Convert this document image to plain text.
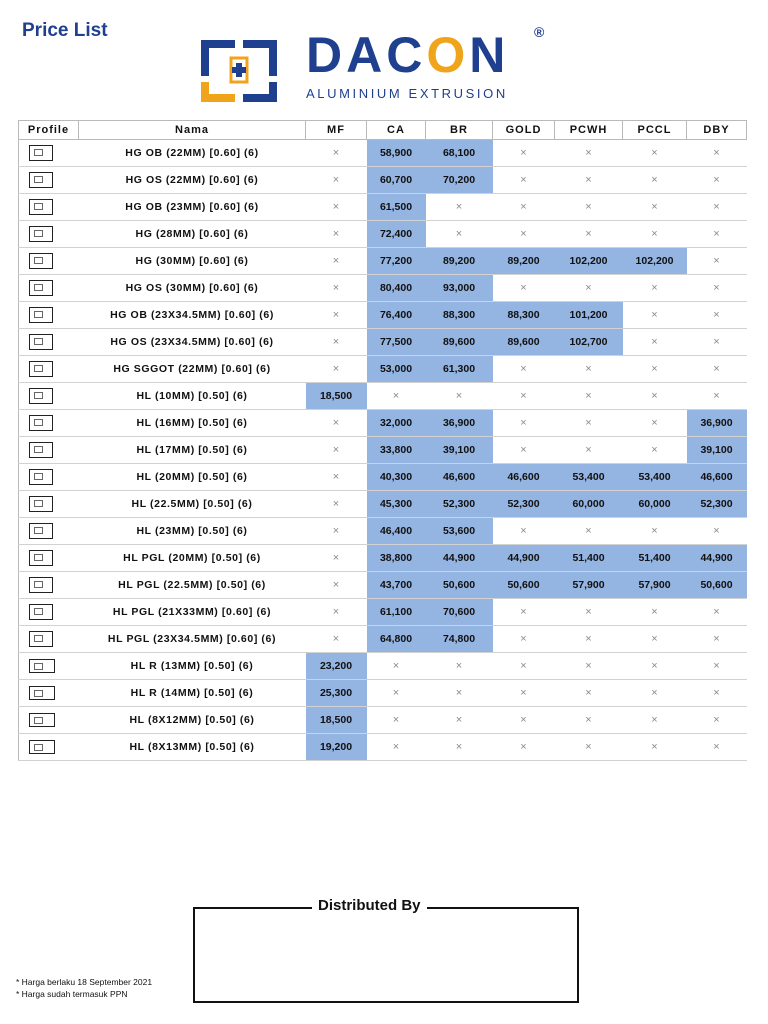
Price List	DACON ®
ALUMINIUM EXTRUSION
Profile	Nama	MF	CA	BR	GOLD	PCWH	PCCL	DBY
	HG OB (22MM) [0.60] (6)	×	58,900	68,100	×	×	×	×
	HG OS (22MM) [0.60] (6)	×	60,700	70,200	×	×	×	×
	HG OB (23MM) [0.60] (6)	×	61,500	×	×	×	×	×
	HG (28MM) [0.60] (6)	×	72,400	×	×	×	×	×
	HG (30MM) [0.60] (6)	×	77,200	89,200	89,200	102,200	102,200	×
	HG OS (30MM) [0.60] (6)	×	80,400	93,000	×	×	×	×
	HG OB (23X34.5MM) [0.60] (6)	×	76,400	88,300	88,300	101,200	×	×
	HG OS (23X34.5MM) [0.60] (6)	×	77,500	89,600	89,600	102,700	×	×
	HG SGGOT (22MM) [0.60] (6)	×	53,000	61,300	×	×	×	×
	HL (10MM) [0.50] (6)	18,500	×	×	×	×	×	×
	HL (16MM) [0.50] (6)	×	32,000	36,900	×	×	×	36,900
	HL (17MM) [0.50] (6)	×	33,800	39,100	×	×	×	39,100
	HL (20MM) [0.50] (6)	×	40,300	46,600	46,600	53,400	53,400	46,600
	HL (22.5MM) [0.50] (6)	×	45,300	52,300	52,300	60,000	60,000	52,300
	HL (23MM) [0.50] (6)	×	46,400	53,600	×	×	×	×
	HL PGL (20MM) [0.50] (6)	×	38,800	44,900	44,900	51,400	51,400	44,900
	HL PGL (22.5MM) [0.50] (6)	×	43,700	50,600	50,600	57,900	57,900	50,600
	HL PGL (21X33MM) [0.60] (6)	×	61,100	70,600	×	×	×	×
	HL PGL (23X34.5MM) [0.60] (6)	×	64,800	74,800	×	×	×	×
	HL R (13MM) [0.50] (6)	23,200	×	×	×	×	×	×
	HL R (14MM) [0.50] (6)	25,300	×	×	×	×	×	×
	HL (8X12MM) [0.50] (6)	18,500	×	×	×	×	×	×
	HL (8X13MM) [0.50] (6)	19,200	×	×	×	×	×	×
* Harga berlaku 18 September 2021
* Harga sudah termasuk PPN
Distributed By
